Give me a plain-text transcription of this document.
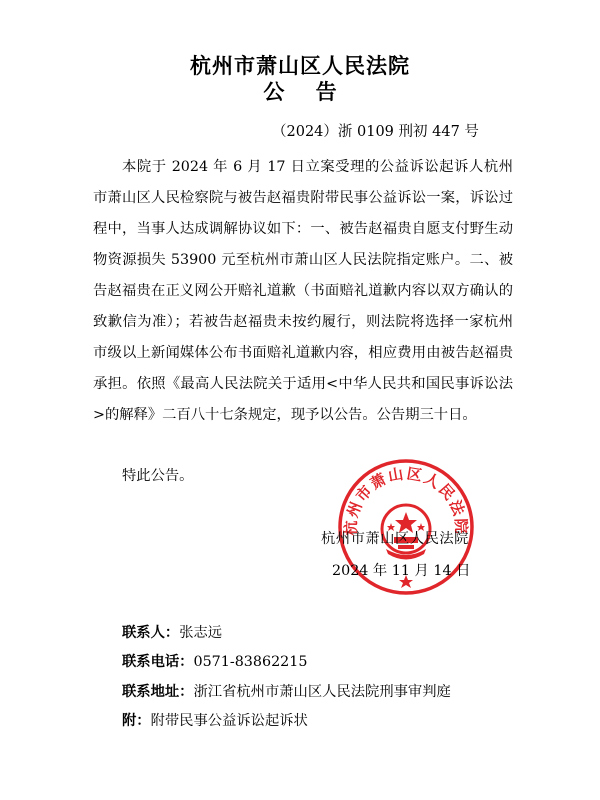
杭州市萧山区人民法院
公 告
（2024）浙 0109 刑初 447 号
本院于 2024 年 6 月 17 日立案受理的公益诉讼起诉人杭州市萧山区人民检察院与被告赵福贵附带民事公益诉讼一案，诉讼过程中，当事人达成调解协议如下：一、被告赵福贵自愿支付野生动物资源损失 53900 元至杭州市萧山区人民法院指定账户。二、被告赵福贵在正义网公开赔礼道歉（书面赔礼道歉内容以双方确认的致歉信为准）；若被告赵福贵未按约履行，则法院将选择一家杭州市级以上新闻媒体公布书面赔礼道歉内容，相应费用由被告赵福贵承担。依照《最高人民法院关于适用<中华人民共和国民事诉讼法>的解释》二百八十七条规定，现予以公告。公告期三十日。
特此公告。
杭州市萧山区人民法院
杭州市萧山区人民法院
2024 年 11 月 14 日
联系人：张志远
联系电话：0571-83862215
联系地址：浙江省杭州市萧山区人民法院刑事审判庭
附：附带民事公益诉讼起诉状
